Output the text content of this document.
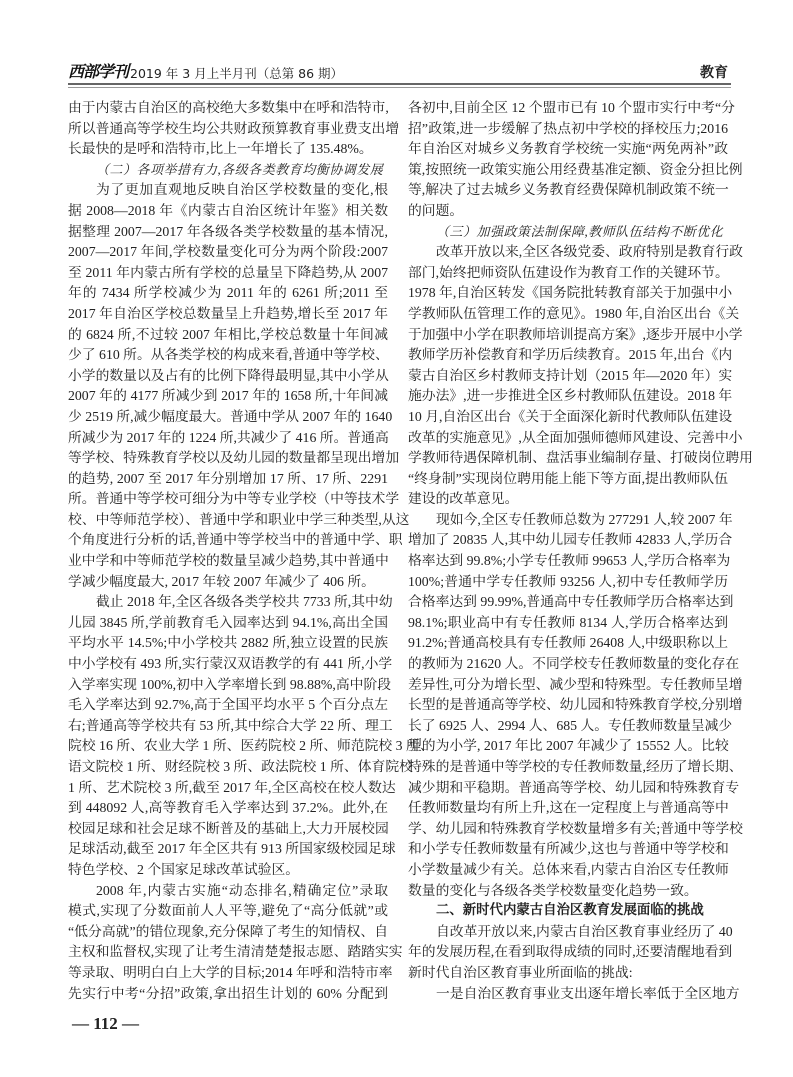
西部学刊 2019 年 3 月上半月刊（总第 86 期）	教育
由于内蒙古自治区的高校绝大多数集中在呼和浩特市,
所以普通高等学校生均公共财政预算教育事业费支出增
长最快的是呼和浩特市,比上一年增长了 135.48%。
（二）各项举措有力,各级各类教育均衡协调发展
为了更加直观地反映自治区学校数量的变化,根
据 2008—2018 年《内蒙古自治区统计年鉴》相关数
据整理 2007—2017 年各级各类学校数量的基本情况,
2007—2017 年间,学校数量变化可分为两个阶段:2007
至 2011 年内蒙古所有学校的总量呈下降趋势,从 2007
年的 7434 所学校减少为 2011 年的 6261 所;2011 至
2017 年自治区学校总数量呈上升趋势,增长至 2017 年
的 6824 所,不过较 2007 年相比,学校总数量十年间减
少了 610 所。从各类学校的构成来看,普通中等学校、
小学的数量以及占有的比例下降得最明显,其中小学从
2007 年的 4177 所减少到 2017 年的 1658 所,十年间减
少 2519 所,减少幅度最大。普通中学从 2007 年的 1640
所减少为 2017 年的 1224 所,共减少了 416 所。普通高
等学校、特殊教育学校以及幼儿园的数量都呈现出增加
的趋势, 2007 至 2017 年分别增加 17 所、17 所、2291
所。普通中等学校可细分为中等专业学校（中等技术学
校、中等师范学校）、普通中学和职业中学三种类型,从这
个角度进行分析的话,普通中等学校当中的普通中学、职
业中学和中等师范学校的数量呈减少趋势,其中普通中
学减少幅度最大, 2017 年较 2007 年减少了 406 所。
截止 2018 年,全区各级各类学校共 7733 所,其中幼
儿园 3845 所,学前教育毛入园率达到 94.1%,高出全国
平均水平 14.5%;中小学校共 2882 所,独立设置的民族
中小学校有 493 所,实行蒙汉双语教学的有 441 所,小学
入学率实现 100%,初中入学率增长到 98.88%,高中阶段
毛入学率达到 92.7%,高于全国平均水平 5 个百分点左
右;普通高等学校共有 53 所,其中综合大学 22 所、理工
院校 16 所、农业大学 1 所、医药院校 2 所、师范院校 3 所、
语文院校 1 所、财经院校 3 所、政法院校 1 所、体育院校
1 所、艺术院校 3 所,截至 2017 年,全区高校在校人数达
到 448092 人,高等教育毛入学率达到 37.2%。此外,在
校园足球和社会足球不断普及的基础上,大力开展校园
足球活动,截至 2017 年全区共有 913 所国家级校园足球
特色学校、2 个国家足球改革试验区。
2008 年,内蒙古实施“动态排名,精确定位”录取
模式,实现了分数面前人人平等,避免了“高分低就”或
“低分高就”的错位现象,充分保障了考生的知情权、自
主权和监督权,实现了让考生清清楚楚报志愿、踏踏实实
等录取、明明白白上大学的目标;2014 年呼和浩特市率
先实行中考“分招”政策,拿出招生计划的 60% 分配到
各初中,目前全区 12 个盟市已有 10 个盟市实行中考“分
招”政策,进一步缓解了热点初中学校的择校压力;2016
年自治区对城乡义务教育学校统一实施“两免两补”政
策,按照统一政策实施公用经费基准定额、资金分担比例
等,解决了过去城乡义务教育经费保障机制政策不统一
的问题。
（三）加强政策法制保障,教师队伍结构不断优化
改革开放以来,全区各级党委、政府特别是教育行政
部门,始终把师资队伍建设作为教育工作的关键环节。
1978 年,自治区转发《国务院批转教育部关于加强中小
学教师队伍管理工作的意见》。1980 年,自治区出台《关
于加强中小学在职教师培训提高方案》,逐步开展中小学
教师学历补偿教育和学历后续教育。2015 年,出台《内
蒙古自治区乡村教师支持计划（2015 年—2020 年）实
施办法》,进一步推进全区乡村教师队伍建设。2018 年
10 月,自治区出台《关于全面深化新时代教师队伍建设
改革的实施意见》,从全面加强师德师风建设、完善中小
学教师待遇保障机制、盘活事业编制存量、打破岗位聘用
“终身制”实现岗位聘用能上能下等方面,提出教师队伍
建设的改革意见。
现如今,全区专任教师总数为 277291 人,较 2007 年
增加了 20835 人,其中幼儿园专任教师 42833 人,学历合
格率达到 99.8%;小学专任教师 99653 人,学历合格率为
100%;普通中学专任教师 93256 人,初中专任教师学历
合格率达到 99.99%,普通高中专任教师学历合格率达到
98.1%;职业高中有专任教师 8134 人,学历合格率达到
91.2%;普通高校具有专任教师 26408 人,中级职称以上
的教师为 21620 人。不同学校专任教师数量的变化存在
差异性,可分为增长型、减少型和特殊型。专任教师呈增
长型的是普通高等学校、幼儿园和特殊教育学校,分别增
长了 6925 人、2994 人、685 人。专任教师数量呈减少
型的为小学, 2017 年比 2007 年减少了 15552 人。比较
特殊的是普通中等学校的专任教师数量,经历了增长期、
减少期和平稳期。普通高等学校、幼儿园和特殊教育专
任教师数量均有所上升,这在一定程度上与普通高等中
学、幼儿园和特殊教育学校数量增多有关;普通中等学校
和小学专任教师数量有所减少,这也与普通中等学校和
小学数量减少有关。总体来看,内蒙古自治区专任教师
数量的变化与各级各类学校数量变化趋势一致。
二、新时代内蒙古自治区教育发展面临的挑战
自改革开放以来,内蒙古自治区教育事业经历了 40
年的发展历程,在看到取得成绩的同时,还要清醒地看到
新时代自治区教育事业所面临的挑战:
一是自治区教育事业支出逐年增长率低于全区地方
— 112 —
